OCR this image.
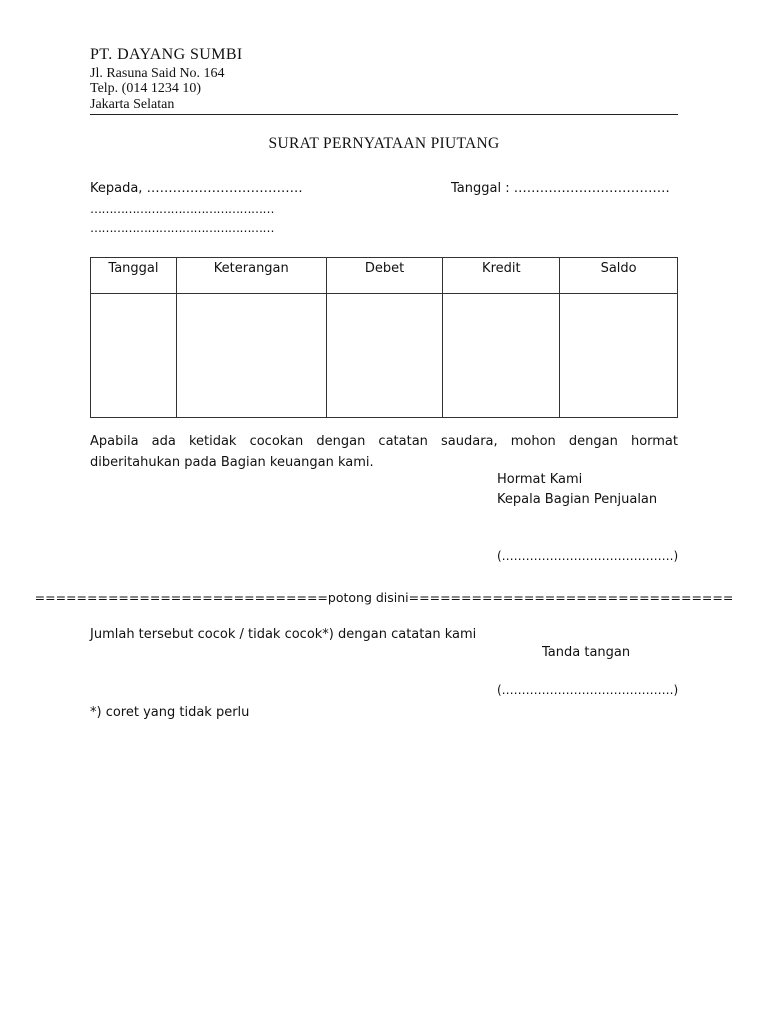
PT. DAYANG SUMBI
Jl. Rasuna Said No. 164
Telp. (014 1234 10)
Jakarta Selatan
SURAT PERNYATAAN PIUTANG
Kepada, ………………………………	Tanggal : ………………………………
…………………………………………
…………………………………………
Tanggal	Keterangan	Debet	Kredit	Saldo

Apabila ada ketidak cocokan dengan catatan saudara, mohon dengan hormat diberitahukan pada Bagian keuangan kami.
Hormat Kami
Kepala Bagian Penjualan
(…………………………………….)
============================potong disini===============================
Jumlah tersebut cocok / tidak cocok*) dengan catatan kami
Tanda tangan
(…………………………………….)
*) coret yang tidak perlu
